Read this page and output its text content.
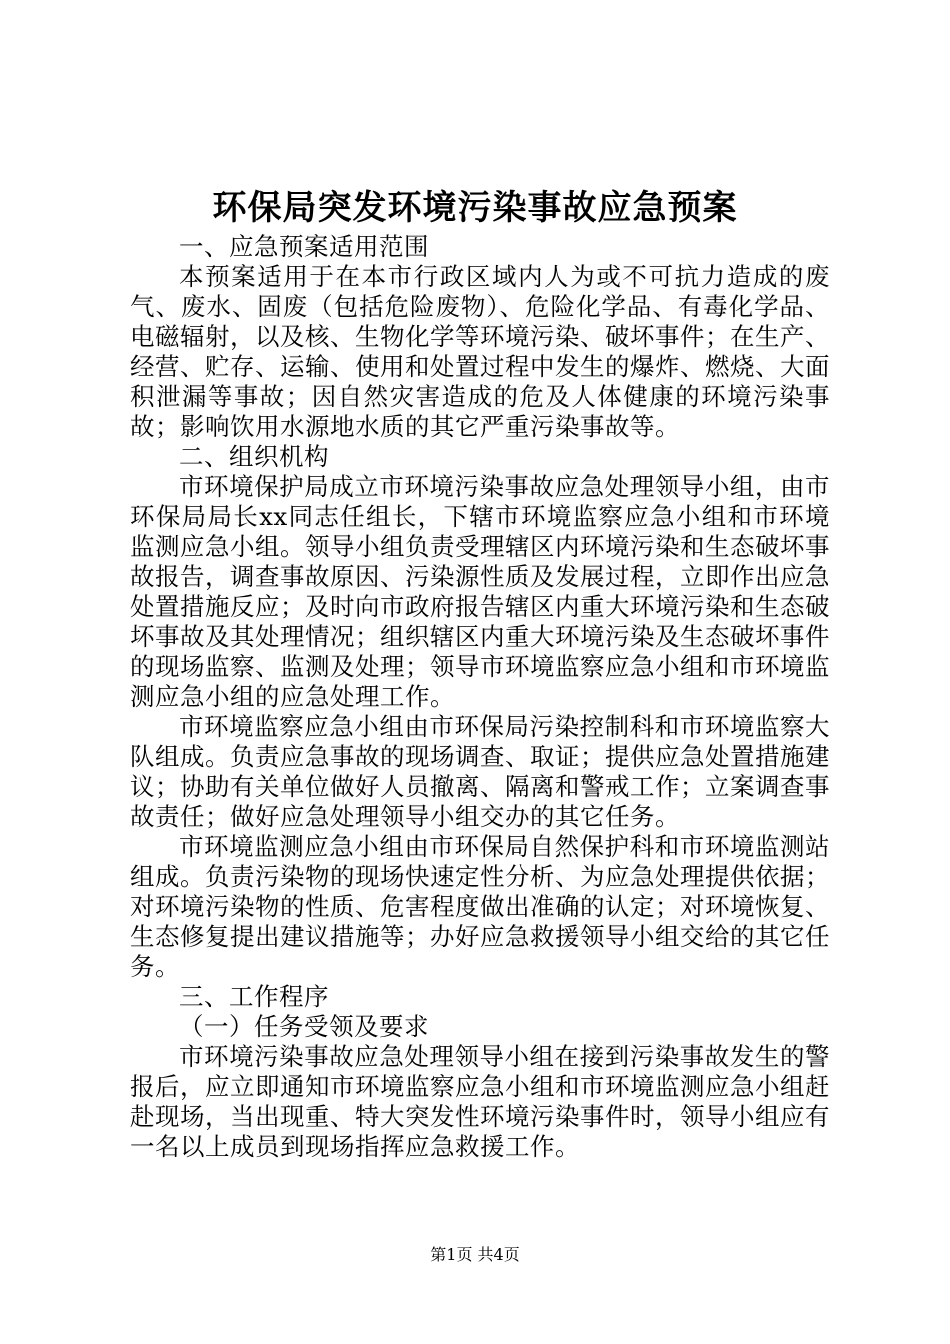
环保局突发环境污染事故应急预案

一、应急预案适用范围

本预案适用于在本市行政区域内人为或不可抗力造成的废气、废水、固废（包括危险废物）、危险化学品、有毒化学品、电磁辐射，以及核、生物化学等环境污染、破坏事件；在生产、经营、贮存、运输、使用和处置过程中发生的爆炸、燃烧、大面积泄漏等事故；因自然灾害造成的危及人体健康的环境污染事故；影响饮用水源地水质的其它严重污染事故等。

二、组织机构

市环境保护局成立市环境污染事故应急处理领导小组，由市环保局局长xx同志任组长，下辖市环境监察应急小组和市环境监测应急小组。领导小组负责受理辖区内环境污染和生态破坏事故报告，调查事故原因、污染源性质及发展过程，立即作出应急处置措施反应；及时向市政府报告辖区内重大环境污染和生态破坏事故及其处理情况；组织辖区内重大环境污染及生态破坏事件的现场监察、监测及处理；领导市环境监察应急小组和市环境监测应急小组的应急处理工作。

市环境监察应急小组由市环保局污染控制科和市环境监察大队组成。负责应急事故的现场调查、取证；提供应急处置措施建议；协助有关单位做好人员撤离、隔离和警戒工作；立案调查事故责任；做好应急处理领导小组交办的其它任务。

市环境监测应急小组由市环保局自然保护科和市环境监测站组成。负责污染物的现场快速定性分析、为应急处理提供依据；对环境污染物的性质、危害程度做出准确的认定；对环境恢复、生态修复提出建议措施等；办好应急救援领导小组交给的其它任务。

三、工作程序

（一）任务受领及要求

市环境污染事故应急处理领导小组在接到污染事故发生的警报后，应立即通知市环境监察应急小组和市环境监测应急小组赶赴现场，当出现重、特大突发性环境污染事件时，领导小组应有一名以上成员到现场指挥应急救援工作。

第1页 共4页
